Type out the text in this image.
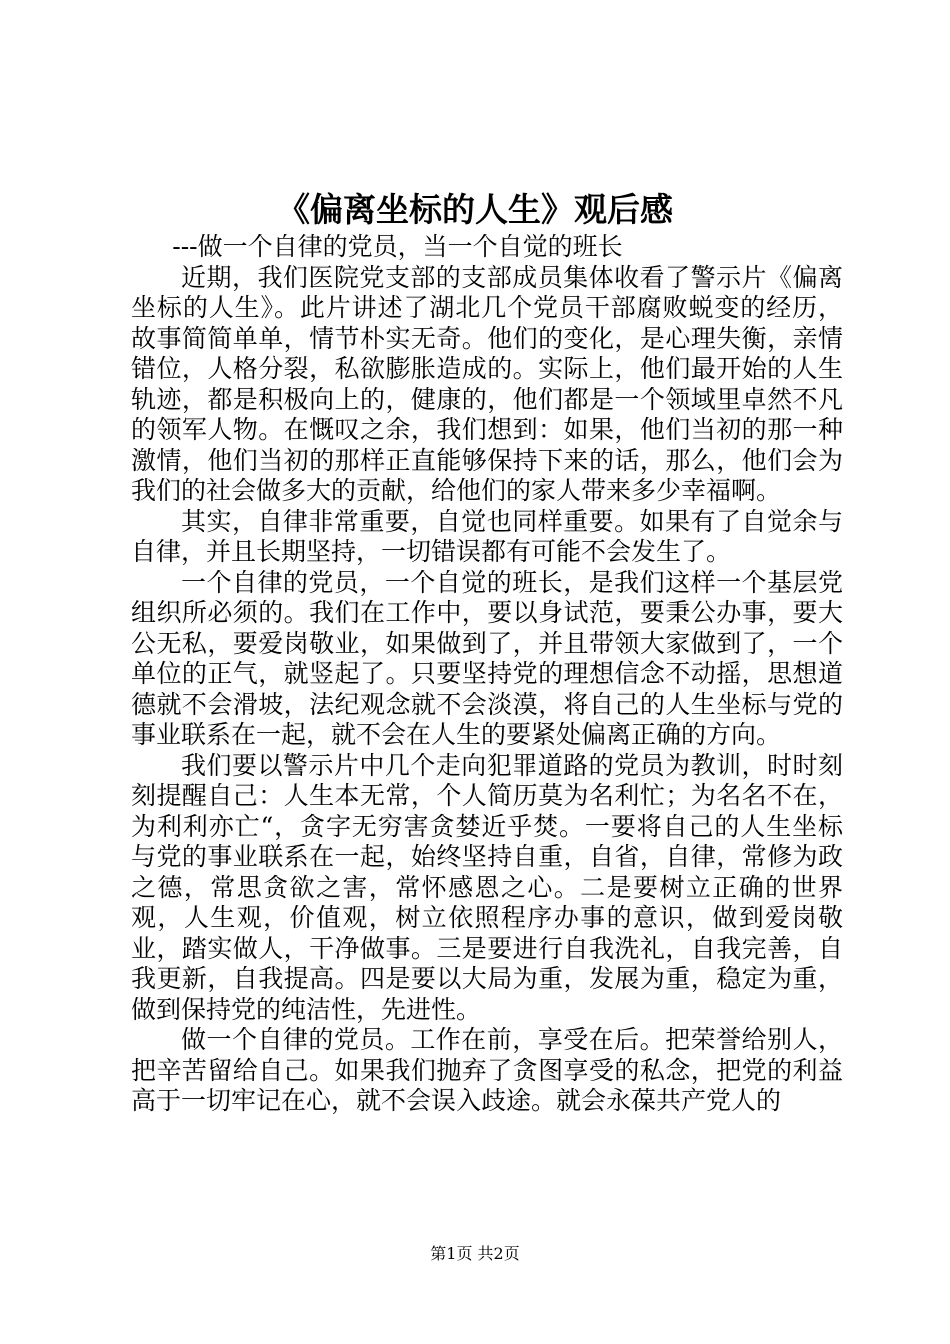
《偏离坐标的人生》观后感

---做一个自律的党员，当一个自觉的班长

近期，我们医院党支部的支部成员集体收看了警示片《偏离坐标的人生》。此片讲述了湖北几个党员干部腐败蜕变的经历，故事简简单单，情节朴实无奇。他们的变化，是心理失衡，亲情错位，人格分裂，私欲膨胀造成的。实际上，他们最开始的人生轨迹，都是积极向上的，健康的，他们都是一个领域里卓然不凡的领军人物。在慨叹之余，我们想到：如果，他们当初的那一种激情，他们当初的那样正直能够保持下来的话，那么，他们会为我们的社会做多大的贡献，给他们的家人带来多少幸福啊。

其实，自律非常重要，自觉也同样重要。如果有了自觉余与自律，并且长期坚持，一切错误都有可能不会发生了。

一个自律的党员，一个自觉的班长，是我们这样一个基层党组织所必须的。我们在工作中，要以身试范，要秉公办事，要大公无私，要爱岗敬业，如果做到了，并且带领大家做到了，一个单位的正气，就竖起了。只要坚持党的理想信念不动摇，思想道德就不会滑坡，法纪观念就不会淡漠，将自己的人生坐标与党的事业联系在一起，就不会在人生的要紧处偏离正确的方向。

我们要以警示片中几个走向犯罪道路的党员为教训，时时刻刻提醒自己：人生本无常，个人简历莫为名利忙；为名名不在，为利利亦亡“，贪字无穷害贪婪近乎焚。一要将自己的人生坐标与党的事业联系在一起，始终坚持自重，自省，自律，常修为政之德，常思贪欲之害，常怀感恩之心。二是要树立正确的世界观，人生观，价值观，树立依照程序办事的意识，做到爱岗敬业，踏实做人，干净做事。三是要进行自我洗礼，自我完善，自我更新，自我提高。四是要以大局为重，发展为重，稳定为重，做到保持党的纯洁性，先进性。

做一个自律的党员。工作在前，享受在后。把荣誉给别人，把辛苦留给自己。如果我们抛弃了贪图享受的私念，把党的利益高于一切牢记在心，就不会误入歧途。就会永葆共产党人的

第1页 共2页
